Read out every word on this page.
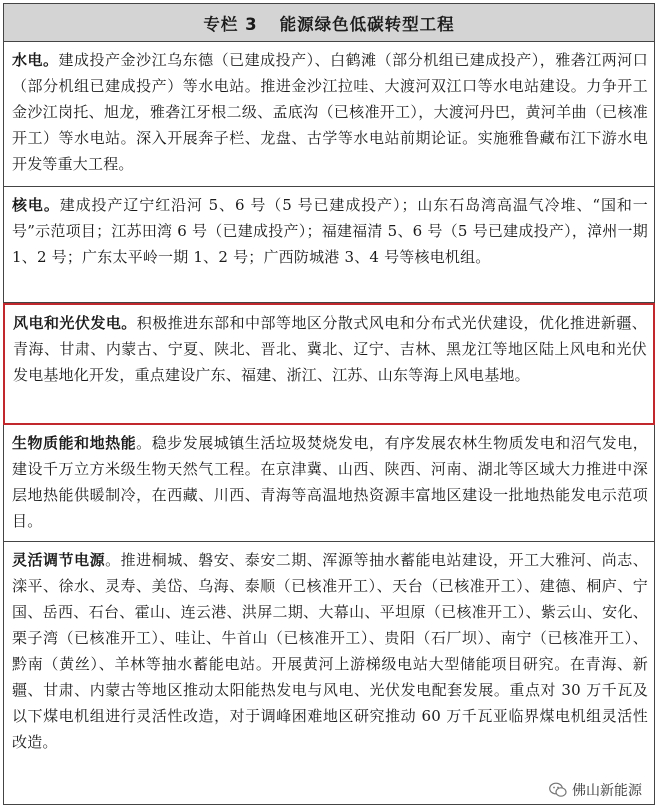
专栏 3 能源绿色低碳转型工程

水电。建成投产金沙江乌东德（已建成投产）、白鹤滩（部分机组已建成投产），雅砻江两河口（部分机组已建成投产）等水电站。推进金沙江拉哇、大渡河双江口等水电站建设。力争开工金沙江岗托、旭龙，雅砻江牙根二级、孟底沟（已核准开工），大渡河丹巴，黄河羊曲（已核准开工）等水电站。深入开展奔子栏、龙盘、古学等水电站前期论证。实施雅鲁藏布江下游水电开发等重大工程。

核电。建成投产辽宁红沿河 5、6 号（5 号已建成投产）；山东石岛湾高温气冷堆、“国和一号”示范项目；江苏田湾 6 号（已建成投产）；福建福清 5、6 号（5 号已建成投产），漳州一期 1、2 号；广东太平岭一期 1、2 号；广西防城港 3、4 号等核电机组。

风电和光伏发电。积极推进东部和中部等地区分散式风电和分布式光伏建设，优化推进新疆、青海、甘肃、内蒙古、宁夏、陕北、晋北、冀北、辽宁、吉林、黑龙江等地区陆上风电和光伏发电基地化开发，重点建设广东、福建、浙江、江苏、山东等海上风电基地。

生物质能和地热能。稳步发展城镇生活垃圾焚烧发电，有序发展农林生物质发电和沼气发电，建设千万立方米级生物天然气工程。在京津冀、山西、陕西、河南、湖北等区域大力推进中深层地热能供暖制冷，在西藏、川西、青海等高温地热资源丰富地区建设一批地热能发电示范项目。

灵活调节电源。推进桐城、磐安、泰安二期、浑源等抽水蓄能电站建设，开工大雅河、尚志、滦平、徐水、灵寿、美岱、乌海、泰顺（已核准开工）、天台（已核准开工）、建德、桐庐、宁国、岳西、石台、霍山、连云港、洪屏二期、大幕山、平坦原（已核准开工）、紫云山、安化、栗子湾（已核准开工）、哇让、牛首山（已核准开工）、贵阳（石厂坝）、南宁（已核准开工）、黔南（黄丝）、羊林等抽水蓄能电站。开展黄河上游梯级电站大型储能项目研究。在青海、新疆、甘肃、内蒙古等地区推动太阳能热发电与风电、光伏发电配套发展。重点对 30 万千瓦及以下煤电机组进行灵活性改造，对于调峰困难地区研究推动 60 万千瓦亚临界煤电机组灵活性改造。

佛山新能源
